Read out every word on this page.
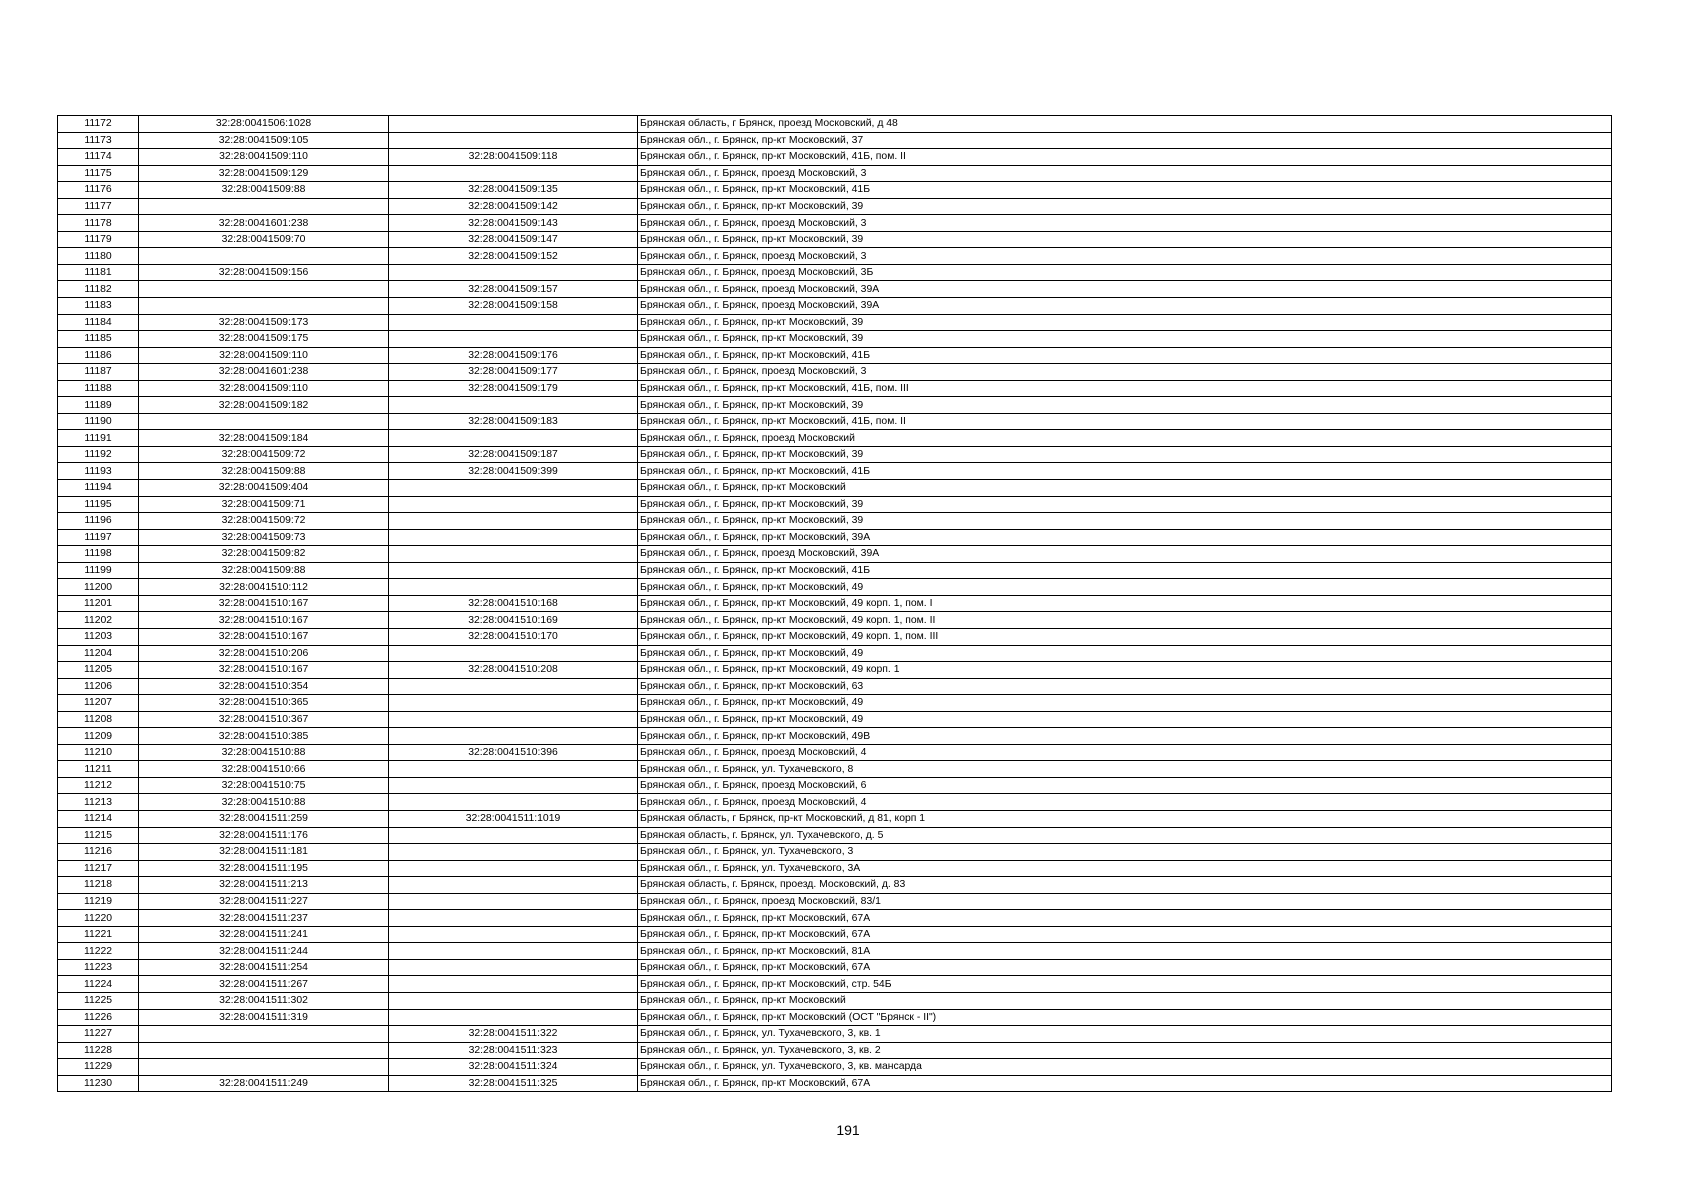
11172	32:28:0041506:1028		Брянская область, г Брянск, проезд Московский, д 48
11173	32:28:0041509:105		Брянская обл., г. Брянск, пр-кт Московский, 37
11174	32:28:0041509:110	32:28:0041509:118	Брянская обл., г. Брянск, пр-кт Московский, 41Б, пом. II
11175	32:28:0041509:129		Брянская обл., г. Брянск, проезд Московский, 3
11176	32:28:0041509:88	32:28:0041509:135	Брянская обл., г. Брянск, пр-кт Московский, 41Б
11177		32:28:0041509:142	Брянская обл., г. Брянск, пр-кт Московский, 39
11178	32:28:0041601:238	32:28:0041509:143	Брянская обл., г. Брянск, проезд Московский, 3
11179	32:28:0041509:70	32:28:0041509:147	Брянская обл., г. Брянск, пр-кт Московский, 39
11180		32:28:0041509:152	Брянская обл., г. Брянск, проезд Московский, 3
11181	32:28:0041509:156		Брянская обл., г. Брянск, проезд Московский, 3Б
11182		32:28:0041509:157	Брянская обл., г. Брянск, проезд Московский, 39А
11183		32:28:0041509:158	Брянская обл., г. Брянск, проезд Московский, 39А
11184	32:28:0041509:173		Брянская обл., г. Брянск, пр-кт Московский, 39
11185	32:28:0041509:175		Брянская обл., г. Брянск, пр-кт Московский, 39
11186	32:28:0041509:110	32:28:0041509:176	Брянская обл., г. Брянск, пр-кт Московский, 41Б
11187	32:28:0041601:238	32:28:0041509:177	Брянская обл., г. Брянск, проезд Московский, 3
11188	32:28:0041509:110	32:28:0041509:179	Брянская обл., г. Брянск, пр-кт Московский, 41Б, пом. III
11189	32:28:0041509:182		Брянская обл., г. Брянск, пр-кт Московский, 39
11190		32:28:0041509:183	Брянская обл., г. Брянск, пр-кт Московский, 41Б, пом. II
11191	32:28:0041509:184		Брянская обл., г. Брянск, проезд Московский
11192	32:28:0041509:72	32:28:0041509:187	Брянская обл., г. Брянск, пр-кт Московский, 39
11193	32:28:0041509:88	32:28:0041509:399	Брянская обл., г. Брянск, пр-кт Московский, 41Б
11194	32:28:0041509:404		Брянская обл., г. Брянск, пр-кт Московский
11195	32:28:0041509:71		Брянская обл., г. Брянск, пр-кт Московский, 39
11196	32:28:0041509:72		Брянская обл., г. Брянск, пр-кт Московский, 39
11197	32:28:0041509:73		Брянская обл., г. Брянск, пр-кт Московский, 39А
11198	32:28:0041509:82		Брянская обл., г. Брянск, проезд Московский, 39А
11199	32:28:0041509:88		Брянская обл., г. Брянск, пр-кт Московский, 41Б
11200	32:28:0041510:112		Брянская обл., г. Брянск, пр-кт Московский, 49
11201	32:28:0041510:167	32:28:0041510:168	Брянская обл., г. Брянск, пр-кт Московский, 49 корп. 1, пом. I
11202	32:28:0041510:167	32:28:0041510:169	Брянская обл., г. Брянск, пр-кт Московский, 49 корп. 1, пом. II
11203	32:28:0041510:167	32:28:0041510:170	Брянская обл., г. Брянск, пр-кт Московский, 49 корп. 1, пом. III
11204	32:28:0041510:206		Брянская обл., г. Брянск, пр-кт Московский, 49
11205	32:28:0041510:167	32:28:0041510:208	Брянская обл., г. Брянск, пр-кт Московский, 49 корп. 1
11206	32:28:0041510:354		Брянская обл., г. Брянск, пр-кт Московский, 63
11207	32:28:0041510:365		Брянская обл., г. Брянск, пр-кт Московский, 49
11208	32:28:0041510:367		Брянская обл., г. Брянск, пр-кт Московский, 49
11209	32:28:0041510:385		Брянская обл., г. Брянск, пр-кт Московский, 49В
11210	32:28:0041510:88	32:28:0041510:396	Брянская обл., г. Брянск, проезд Московский, 4
11211	32:28:0041510:66		Брянская обл., г. Брянск, ул. Тухачевского, 8
11212	32:28:0041510:75		Брянская обл., г. Брянск, проезд Московский, 6
11213	32:28:0041510:88		Брянская обл., г. Брянск, проезд Московский, 4
11214	32:28:0041511:259	32:28:0041511:1019	Брянская область, г Брянск, пр-кт Московский, д 81, корп 1
11215	32:28:0041511:176		Брянская область, г. Брянск, ул. Тухачевского, д. 5
11216	32:28:0041511:181		Брянская обл., г. Брянск, ул. Тухачевского, 3
11217	32:28:0041511:195		Брянская обл., г. Брянск, ул. Тухачевского, 3А
11218	32:28:0041511:213		Брянская область, г. Брянск, проезд. Московский, д. 83
11219	32:28:0041511:227		Брянская обл., г. Брянск, проезд Московский, 83/1
11220	32:28:0041511:237		Брянская обл., г. Брянск, пр-кт Московский, 67А
11221	32:28:0041511:241		Брянская обл., г. Брянск, пр-кт Московский, 67А
11222	32:28:0041511:244		Брянская обл., г. Брянск, пр-кт Московский, 81А
11223	32:28:0041511:254		Брянская обл., г. Брянск, пр-кт Московский, 67А
11224	32:28:0041511:267		Брянская обл., г. Брянск, пр-кт Московский, стр. 54Б
11225	32:28:0041511:302		Брянская обл., г. Брянск, пр-кт Московский
11226	32:28:0041511:319		Брянская обл., г. Брянск, пр-кт Московский (ОСТ "Брянск - II")
11227		32:28:0041511:322	Брянская обл., г. Брянск, ул. Тухачевского, 3, кв. 1
11228		32:28:0041511:323	Брянская обл., г. Брянск, ул. Тухачевского, 3, кв. 2
11229		32:28:0041511:324	Брянская обл., г. Брянск, ул. Тухачевского, 3, кв. мансарда
11230	32:28:0041511:249	32:28:0041511:325	Брянская обл., г. Брянск, пр-кт Московский, 67А
191
